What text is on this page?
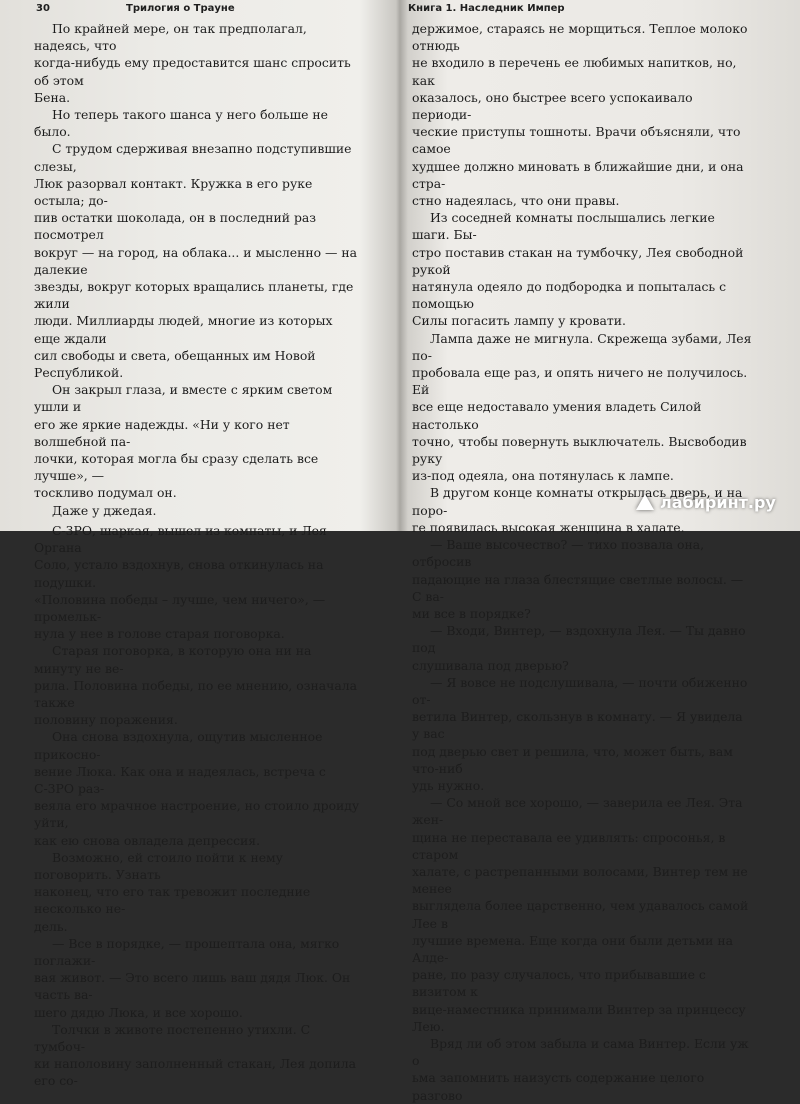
30	Трилогия о Трауне

По крайней мере, он так предполагал, надеясь, что

когда-нибудь ему предоставится шанс спросить об этом

Бена.

Но теперь такого шанса у него больше не было.

С трудом сдерживая внезапно подступившие слезы,

Люк разорвал контакт. Кружка в его руке остыла; до-

пив остатки шоколада, он в последний раз посмотрел

вокруг — на город, на облака... и мысленно — на далекие

звезды, вокруг которых вращались планеты, где жили

люди. Миллиарды людей, многие из которых еще ждали

сил свободы и света, обещанных им Новой Республикой.

Он закрыл глаза, и вместе с ярким светом ушли и

его же яркие надежды. «Ни у кого нет волшебной па-

лочки, которая могла бы сразу сделать все лучше», —

тоскливо подумал он.

Даже у джедая.

С-3РО, шаркая, вышел из комнаты, и Лея Органа

Соло, устало вздохнув, снова откинулась на подушки.

«Половина победы – лучше, чем ничего», — промельк-

нула у нее в голове старая поговорка.

Старая поговорка, в которую она ни на минуту не ве-

рила. Половина победы, по ее мнению, означала также

половину поражения.

Она снова вздохнула, ощутив мысленное прикосно-

вение Люка. Как она и надеялась, встреча с С-3РО раз-

веяла его мрачное настроение, но стоило дроиду уйти,

как ею снова овладела депрессия.

Возможно, ей стоило пойти к нему поговорить. Узнать

наконец, что его так тревожит последние несколько не-

дель.

— Все в порядке, — прошептала она, мягко поглажи-

вая живот. — Это всего лишь ваш дядя Люк. Он часть ва-

шего дядю Люка, и все хорошо.

Толчки в животе постепенно утихли. С тумбоч-

ки наполовину заполненный стакан, Лея допила его со-

Книга 1. Наследник Импер

держимое, стараясь не морщиться. Теплое молоко отнюдь

не входило в перечень ее любимых напитков, но, как

оказалось, оно быстрее всего успокаивало периоди-

ческие приступы тошноты. Врачи объясняли, что самое

худшее должно миновать в ближайшие дни, и она стра-

стно надеялась, что они правы.

Из соседней комнаты послышались легкие шаги. Бы-

стро поставив стакан на тумбочку, Лея свободной рукой

натянула одеяло до подбородка и попыталась с помощью

Силы погасить лампу у кровати.

Лампа даже не мигнула. Скрежеща зубами, Лея по-

пробовала еще раз, и опять ничего не получилось. Ей

все еще недоставало умения владеть Силой настолько

точно, чтобы повернуть выключатель. Высвободив руку

из-под одеяла, она потянулась к лампе.

В другом конце комнаты открылась дверь, и на поро-

ге появилась высокая женщина в халате.

— Ваше высочество? — тихо позвала она, отбросив

падающие на глаза блестящие светлые волосы. — С ва-

ми все в порядке?

— Входи, Винтер, — вздохнула Лея. — Ты давно под

слушивала под дверью?

— Я вовсе не подслушивала, — почти обиженно от-

ветила Винтер, скользнув в комнату. — Я увидела у вас

под дверью свет и решила, что, может быть, вам что-ниб

удь нужно.

— Со мной все хорошо, — заверила ее Лея. Эта жен-

щина не переставала ее удивлять: спросонья, в старом

халате, с растрепанными волосами, Винтер тем не менее

выглядела более царственно, чем удавалось самой Лее в

лучшие времена. Еще когда они были детьми на Алде-

ране, по разу случалось, что прибывавшие с визитом к

вице-наместника принимали Винтер за принцессу Лею.

Вряд ли об этом забыла и сама Винтер. Если уж о

ьма запомнить наизусть содержание целого разгово

лабиринт.ру
